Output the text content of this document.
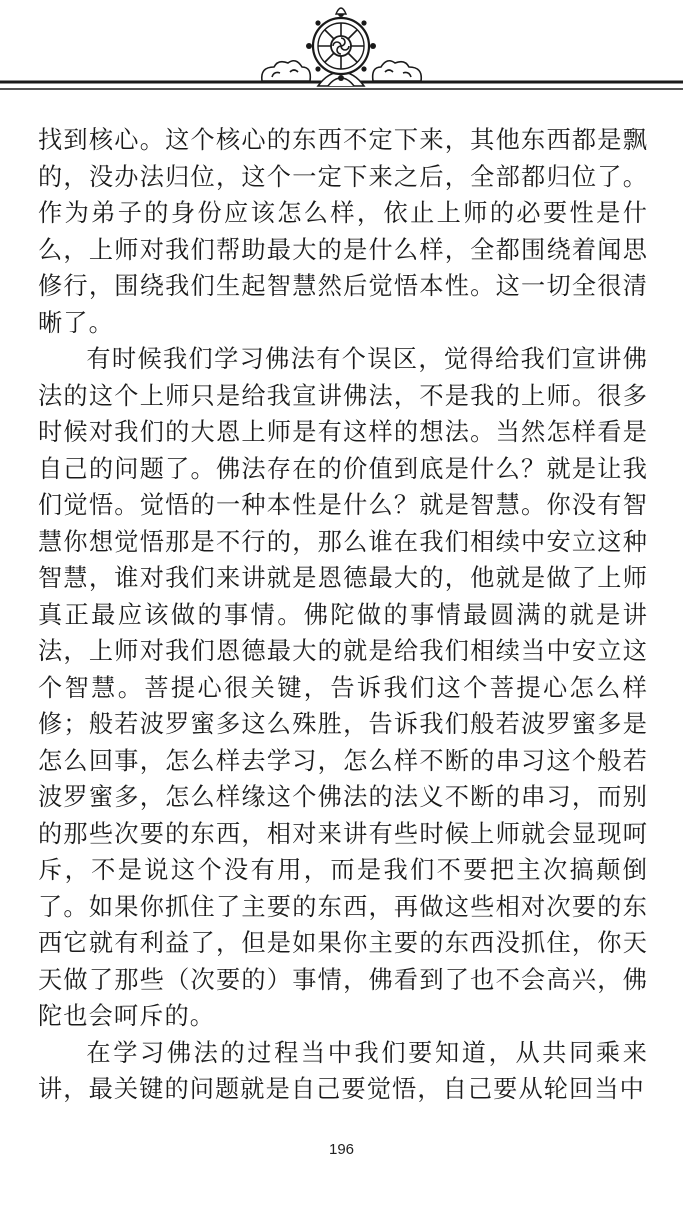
找到核心。这个核心的东西不定下来，其他东西都是飘的，没办法归位，这个一定下来之后，全部都归位了。作为弟子的身份应该怎么样，依止上师的必要性是什么，上师对我们帮助最大的是什么样，全都围绕着闻思修行，围绕我们生起智慧然后觉悟本性。这一切全很清晰了。

有时候我们学习佛法有个误区，觉得给我们宣讲佛法的这个上师只是给我宣讲佛法，不是我的上师。很多时候对我们的大恩上师是有这样的想法。当然怎样看是自己的问题了。佛法存在的价值到底是什么？就是让我们觉悟。觉悟的一种本性是什么？就是智慧。你没有智慧你想觉悟那是不行的，那么谁在我们相续中安立这种智慧，谁对我们来讲就是恩德最大的，他就是做了上师真正最应该做的事情。佛陀做的事情最圆满的就是讲法，上师对我们恩德最大的就是给我们相续当中安立这个智慧。菩提心很关键，告诉我们这个菩提心怎么样修；般若波罗蜜多这么殊胜，告诉我们般若波罗蜜多是怎么回事，怎么样去学习，怎么样不断的串习这个般若波罗蜜多，怎么样缘这个佛法的法义不断的串习，而别的那些次要的东西，相对来讲有些时候上师就会显现呵斥，不是说这个没有用，而是我们不要把主次搞颠倒了。如果你抓住了主要的东西，再做这些相对次要的东西它就有利益了，但是如果你主要的东西没抓住，你天天做了那些（次要的）事情，佛看到了也不会高兴，佛陀也会呵斥的。

在学习佛法的过程当中我们要知道，从共同乘来讲，最关键的问题就是自己要觉悟，自己要从轮回当中

196
